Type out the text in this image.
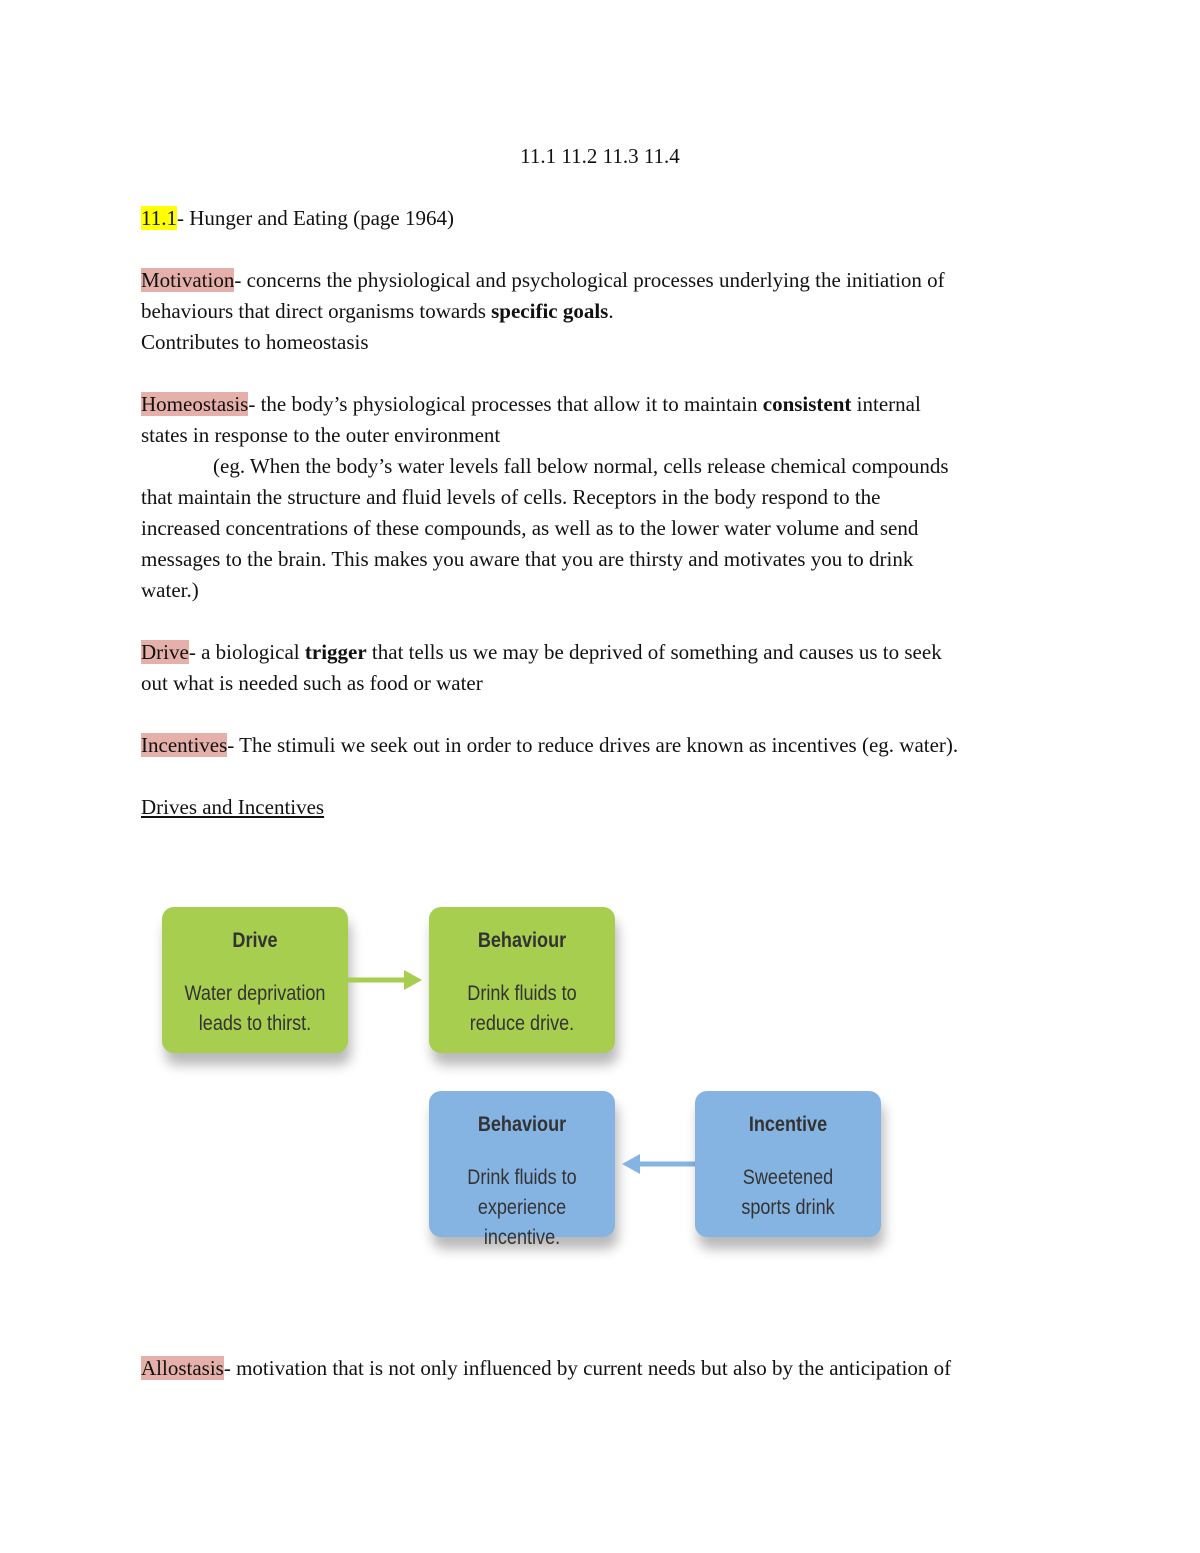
11.1 11.2 11.3 11.4
11.1- Hunger and Eating (page 1964)
Motivation- concerns the physiological and psychological processes underlying the initiation of
behaviours that direct organisms towards specific goals.
Contributes to homeostasis
Homeostasis- the body’s physiological processes that allow it to maintain consistent internal
states in response to the outer environment
(eg. When the body’s water levels fall below normal, cells release chemical compounds
that maintain the structure and fluid levels of cells. Receptors in the body respond to the
increased concentrations of these compounds, as well as to the lower water volume and send
messages to the brain. This makes you aware that you are thirsty and motivates you to drink
water.)
Drive- a biological trigger that tells us we may be deprived of something and causes us to seek
out what is needed such as food or water
Incentives- The stimuli we seek out in order to reduce drives are known as incentives (eg. water).
Drives and Incentives
Drive
Water deprivation
leads to thirst.
Behaviour
Drink fluids to
reduce drive.
Behaviour
Drink fluids to
experience incentive.
Incentive
Sweetened
sports drink
Allostasis- motivation that is not only influenced by current needs but also by the anticipation of
